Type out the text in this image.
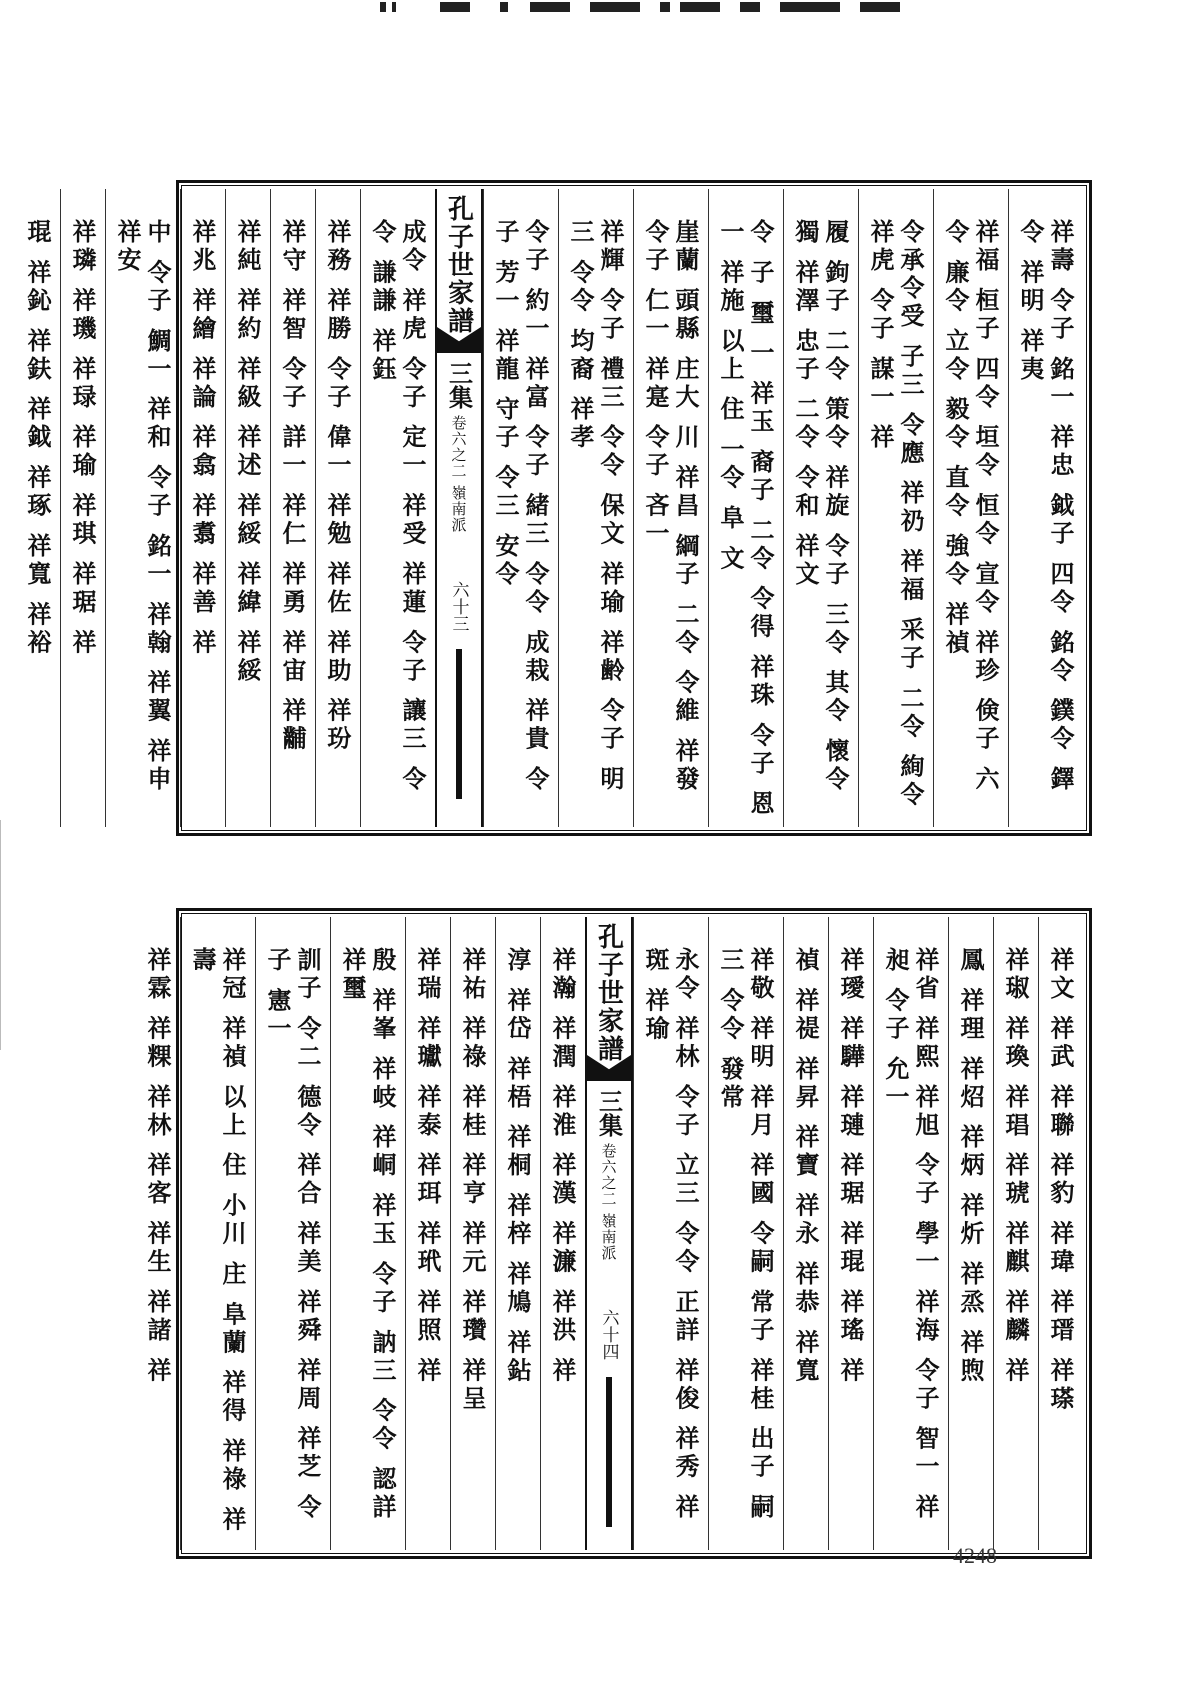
祥壽 令子 銘一 祥忠 鉞子 四令 銘令 鏷令 鐸令 祥明 祥夷
祥福 桓子 四令 垣令 恒令 宣令 祥珍 倹子 六令 廉令 立令 毅令 直令 強令 祥禎
令承令受 子三 令應 祥礽 祥福 采子 二令 絢令 祥虎 令子 謀一 祥
履 鉤子 二令 策令 祥旋 令子 三令 其令 懷令 獨 祥澤 忠子 二令 令和 祥文
令 子 璽 一 祥玉 裔子 二令 令得 祥珠 令子 恩一 祥施 以上 住 一令 阜 文
崖蘭 頭縣 庄大 川 祥昌 綱子 二令 令維 祥發 令子 仁一 祥寔 令子 吝一
祥輝 令子 禮三 令令 保文 祥瑜 祥齢 令子 明三 令令 均裔 祥孝
令子 約一 祥富 令子 緒三 令令 成栽 祥貴 令子 芳一 祥龍 守子 令三 安令
孔子世家譜
三集
卷六之二 嶺南派
六十三
成令 祥虎 令子 定一 祥受 祥蓮 令子 讓三 令令 謙謙 祥鈺
祥務 祥勝 令子 偉一 祥勉 祥佐 祥助 祥玢
祥守 祥智 令子 詳一 祥仁 祥勇 祥宙 祥黼
祥純 祥約 祥級 祥述 祥綏 祥緯 祥綏
祥兆 祥繪 祥論 祥翕 祥翥 祥善 祥
中 令子 鯛一 祥和 令子 銘一 祥翰 祥翼 祥申 祥安
祥璘 祥璣 祥琭 祥瑜 祥琪 祥琚 祥
琨 祥鈊 祥鈇 祥鉞 祥琢 祥寬 祥裕
祥文 祥武 祥聯 祥豹 祥瑋 祥瑨 祥瑹
祥琡 祥瑍 祥琩 祥琥 祥麒 祥麟 祥
鳳 祥理 祥炤 祥炳 祥炘 祥烝 祥煦
祥省 祥熙 祥旭 令子 學一 祥海 令子 智一 祥昶 令子 允一
祥璦 祥驊 祥璉 祥琚 祥琨 祥瑤 祥
禎 祥禔 祥昇 祥寶 祥永 祥恭 祥寬
祥敬 祥明 祥月 祥國 令嗣 常子 祥桂 出子 嗣三 令令 發常
永令 祥林 令子 立三 令令 正詳 祥俊 祥秀 祥斑 祥瑜
孔子世家譜
三集
卷六之二 嶺南派
六十四
祥瀚 祥潤 祥淮 祥漢 祥濂 祥洪 祥
淳 祥岱 祥梧 祥桐 祥梓 祥鳩 祥鉆
祥祐 祥祿 祥桂 祥亨 祥元 祥瓚 祥呈
祥瑞 祥瓛 祥泰 祥珥 祥玳 祥照 祥
殷 祥峯 祥岐 祥峒 祥玉 令子 訥三 令令 認詳 祥璽
訓子 令二 德令 祥合 祥美 祥舜 祥周 祥芝 令子 憲一
祥冠 祥禎 以上 住 小川 庄 阜蘭 祥得 祥祿 祥壽
祥霖 祥粿 祥林 祥客 祥生 祥諸 祥
4248
